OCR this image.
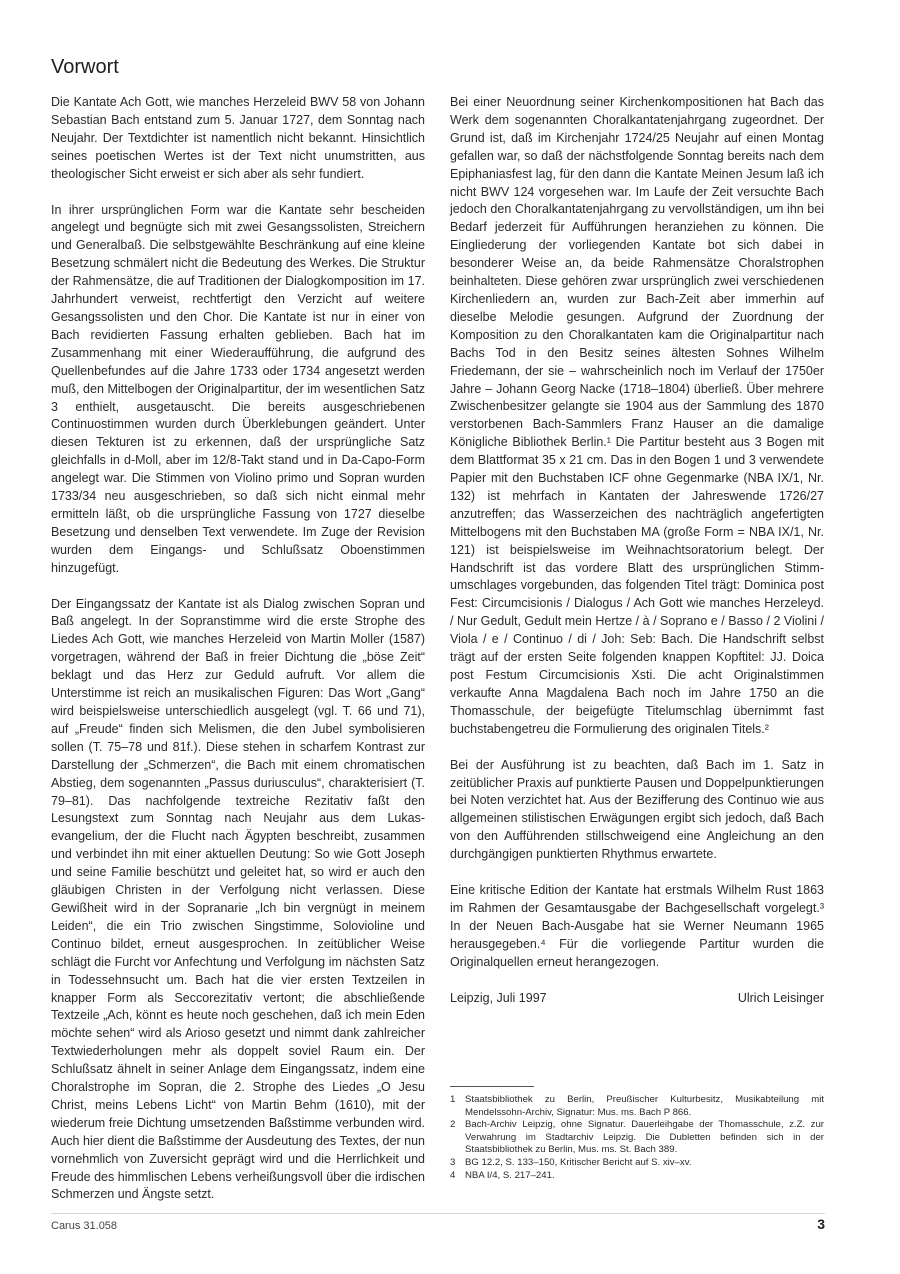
Vorwort

Die Kantate Ach Gott, wie manches Herzeleid BWV 58 von Johann Sebastian Bach entstand zum 5. Januar 1727, dem Sonntag nach Neujahr. Der Textdichter ist namentlich nicht bekannt. Hinsichtlich seines poetischen Wertes ist der Text nicht unumstritten, aus theologischer Sicht erweist er sich aber als sehr fundiert.

In ihrer ursprünglichen Form war die Kantate sehr bescheiden angelegt und begnügte sich mit zwei Gesangssolisten, Streichern und Generalbaß. Die selbstgewählte Beschränkung auf eine kleine Besetzung schmälert nicht die Bedeutung des Werkes. Die Struktur der Rahmensätze, die auf Traditionen der Dialogkomposition im 17. Jahrhundert verweist, rechtfertigt den Verzicht auf weitere Gesangssolisten und den Chor. Die Kantate ist nur in einer von Bach revidierten Fassung erhalten geblieben. Bach hat im Zusammenhang mit einer Wiederaufführung, die aufgrund des Quellenbefundes auf die Jahre 1733 oder 1734 angesetzt werden muß, den Mittelbogen der Originalpartitur, der im wesentlichen Satz 3 enthielt, ausgetauscht. Die bereits ausgeschriebenen Continuostimmen wurden durch Überklebungen geändert. Unter diesen Tekturen ist zu erkennen, daß der ursprüngliche Satz gleichfalls in d-Moll, aber im 12/8-Takt stand und in Da-Capo-Form angelegt war. Die Stimmen von Violino primo und Sopran wurden 1733/34 neu ausgeschrieben, so daß sich nicht einmal mehr ermitteln läßt, ob die ursprüngliche Fassung von 1727 dieselbe Besetzung und denselben Text verwendete. Im Zuge der Revision wurden dem Eingangs- und Schlußsatz Oboenstimmen hinzugefügt.

Der Eingangssatz der Kantate ist als Dialog zwischen Sopran und Baß angelegt. In der Sopranstimme wird die erste Strophe des Liedes Ach Gott, wie manches Herzeleid von Martin Moller (1587) vorgetragen, während der Baß in freier Dichtung die „böse Zeit“ beklagt und das Herz zur Geduld aufruft. Vor allem die Unterstimme ist reich an musikalischen Figuren: Das Wort „Gang“ wird beispielsweise unterschiedlich ausgelegt (vgl. T. 66 und 71), auf „Freude“ finden sich Melismen, die den Jubel symbolisieren sollen (T. 75–78 und 81f.). Diese stehen in scharfem Kontrast zur Darstellung der „Schmerzen“, die Bach mit einem chromatischen Abstieg, dem sogenannten „Passus duriusculus“, charakterisiert (T. 79–81). Das nachfolgende textreiche Rezitativ faßt den Lesungstext zum Sonntag nach Neujahr aus dem Lukasevangelium, der die Flucht nach Ägypten beschreibt, zusammen und verbindet ihn mit einer aktuellen Deutung: So wie Gott Joseph und seine Familie beschützt und geleitet hat, so wird er auch den gläubigen Christen in der Verfolgung nicht verlassen. Diese Gewißheit wird in der Sopranarie „Ich bin vergnügt in meinem Leiden“, die ein Trio zwischen Singstimme, Solovioline und Continuo bildet, erneut ausgesprochen. In zeitüblicher Weise schlägt die Furcht vor Anfechtung und Verfolgung im nächsten Satz in Todessehnsucht um. Bach hat die vier ersten Textzeilen in knapper Form als Seccorezitativ vertont; die abschließende Textzeile „Ach, könnt es heute noch geschehen, daß ich mein Eden möchte sehen“ wird als Arioso gesetzt und nimmt dank zahlreicher Textwiederholungen mehr als doppelt soviel Raum ein. Der Schlußsatz ähnelt in seiner Anlage dem Eingangssatz, indem eine Choralstrophe im Sopran, die 2. Strophe des Liedes „O Jesu Christ, meins Lebens Licht“ von Martin Behm (1610), mit der wiederum freie Dichtung umsetzenden Baßstimme verbunden wird. Auch hier dient die Baßstimme der Ausdeutung des Textes, der nun vornehmlich von Zuversicht geprägt wird und die Herrlichkeit und Freude des himmlischen Lebens verheißungsvoll über die irdischen Schmerzen und Ängste setzt.

Bei einer Neuordnung seiner Kirchenkompositionen hat Bach das Werk dem sogenannten Choralkantatenjahrgang zugeordnet. Der Grund ist, daß im Kirchenjahr 1724/25 Neujahr auf einen Montag gefallen war, so daß der nächstfolgende Sonntag bereits nach dem Epiphaniasfest lag, für den dann die Kantate Meinen Jesum laß ich nicht BWV 124 vorgesehen war. Im Laufe der Zeit versuchte Bach jedoch den Choralkantatenjahrgang zu vervollständigen, um ihn bei Bedarf jederzeit für Aufführungen heranziehen zu können. Die Eingliederung der vorliegenden Kantate bot sich dabei in besonderer Weise an, da beide Rahmensätze Choralstrophen beinhalteten. Diese gehören zwar ursprünglich zwei verschiedenen Kirchenliedern an, wurden zur Bach-Zeit aber immerhin auf dieselbe Melodie gesungen. Aufgrund der Zuordnung der Komposition zu den Choralkantaten kam die Originalpartitur nach Bachs Tod in den Besitz seines ältesten Sohnes Wilhelm Friedemann, der sie – wahrscheinlich noch im Verlauf der 1750er Jahre – Johann Georg Nacke (1718–1804) überließ. Über mehrere Zwischenbesitzer gelangte sie 1904 aus der Sammlung des 1870 verstorbenen Bach-Sammlers Franz Hauser an die damalige Königliche Bibliothek Berlin.¹ Die Partitur besteht aus 3 Bogen mit dem Blattformat 35 x 21 cm. Das in den Bogen 1 und 3 verwendete Papier mit den Buchstaben ICF ohne Gegenmarke (NBA IX/1, Nr. 132) ist mehrfach in Kantaten der Jahreswende 1726/27 anzutreffen; das Wasserzeichen des nachträglich angefertigten Mittelbogens mit den Buchstaben MA (große Form = NBA IX/1, Nr. 121) ist beispielsweise im Weihnachtsoratorium belegt. Der Handschrift ist das vordere Blatt des ursprünglichen Stimmumschlages vorgebunden, das folgenden Titel trägt: Dominica post Fest: Circumcisionis / Dialogus / Ach Gott wie manches Herzeleyd. / Nur Gedult, Gedult mein Hertze / à / Soprano e / Basso / 2 Violini / Viola / e / Continuo / di / Joh: Seb: Bach. Die Handschrift selbst trägt auf der ersten Seite folgenden knappen Kopftitel: JJ. Doica post Festum Circumcisionis Xsti. Die acht Originalstimmen verkaufte Anna Magdalena Bach noch im Jahre 1750 an die Thomasschule, der beigefügte Titelumschlag übernimmt fast buchstabengetreu die Formulierung des originalen Titels.²

Bei der Ausführung ist zu beachten, daß Bach im 1. Satz in zeitüblicher Praxis auf punktierte Pausen und Doppelpunktierungen bei Noten verzichtet hat. Aus der Bezifferung des Continuo wie aus allgemeinen stilistischen Erwägungen ergibt sich jedoch, daß Bach von den Aufführenden stillschweigend eine Angleichung an den durchgängigen punktierten Rhythmus erwartete.

Eine kritische Edition der Kantate hat erstmals Wilhelm Rust 1863 im Rahmen der Gesamtausgabe der Bachgesellschaft vorgelegt.³ In der Neuen Bach-Ausgabe hat sie Werner Neumann 1965 herausgegeben.⁴ Für die vorliegende Partitur wurden die Originalquellen erneut herangezogen.

Leipzig, Juli 1997	Ulrich Leisinger
1	Staatsbibliothek zu Berlin, Preußischer Kulturbesitz, Musikabteilung mit Mendelssohn-Archiv, Signatur: Mus. ms. Bach P 866.
2	Bach-Archiv Leipzig, ohne Signatur. Dauerleihgabe der Thomasschule, z.Z. zur Verwahrung im Stadtarchiv Leipzig. Die Dubletten befinden sich in der Staatsbibliothek zu Berlin, Mus. ms. St. Bach 389.
3	BG 12.2, S. 133–150, Kritischer Bericht auf S. xiv–xv.
4	NBA I/4, S. 217–241.
Carus 31.058	3
